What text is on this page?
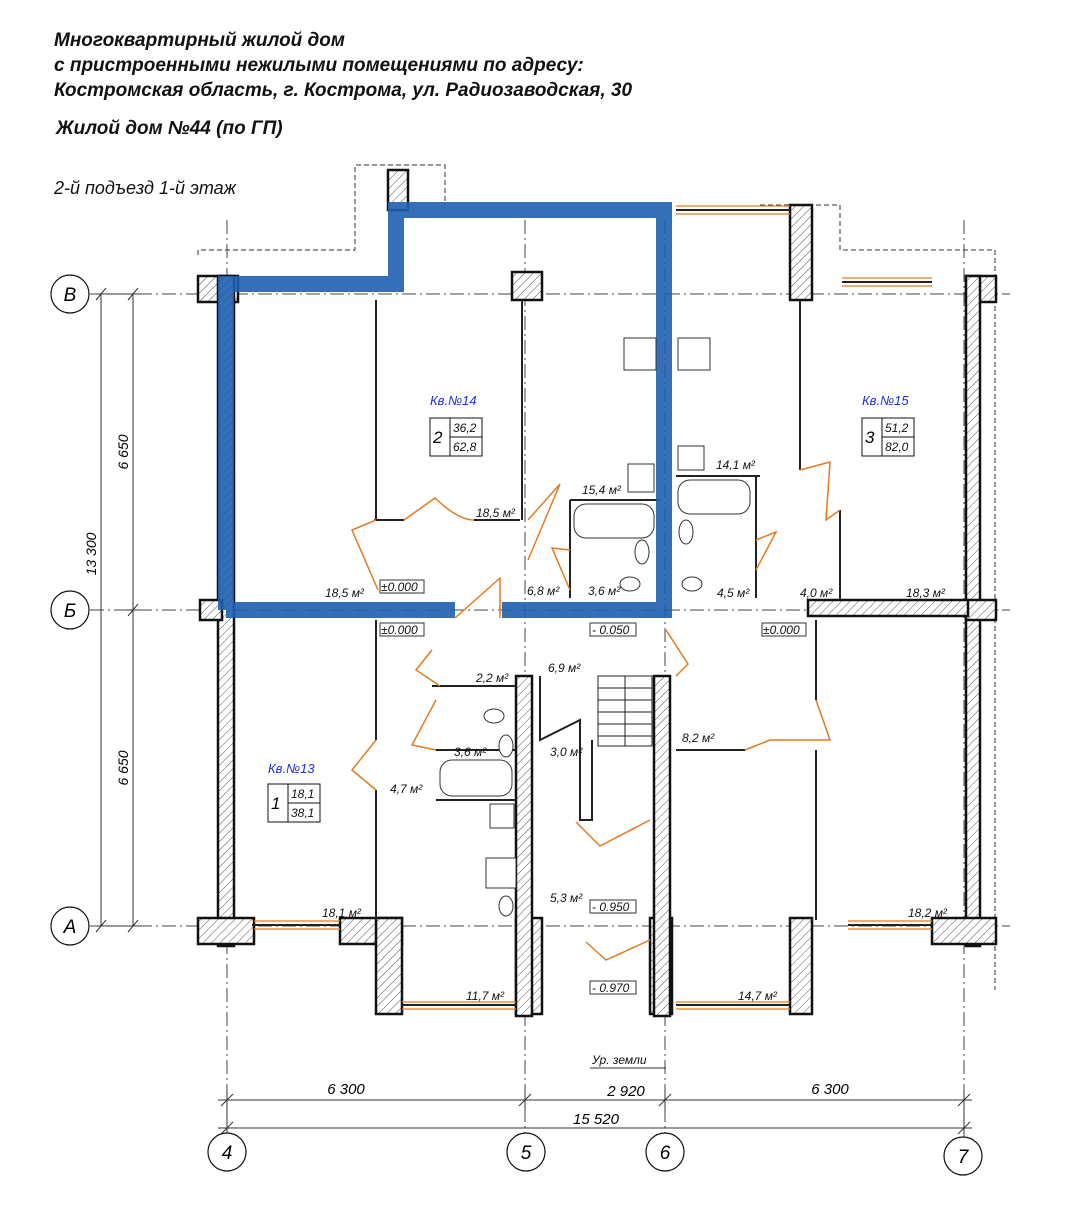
Многоквартирный жилой дом
с пристроенными нежилыми помещениями по адресу:
Костромская область, г. Кострома, ул. Радиозаводская, 30
Жилой дом №44 (по ГП)
2-й подъезд 1-й этаж
Кв.№14
2 36,2
62,8
Кв.№15
3 51,2
82,0
Кв.№13
1 18,1
38,1
18,5 м²
15,4 м²
14,1 м²
18,5 м²	6,8 м² 3,6 м²	4,5 м²	4,0 м²	18,3 м²
2,2 м²
6,9 м²
3,6 м²	3,0 м²
4,7 м²
8,2 м²
5,3 м²
18,1 м²	18,2 м²
11,7 м²	14,7 м²
±0.000
±0.000	- 0.050	±0.000
- 0.950
- 0.970
Ур. земли
6 650
6 650
13 300
6 300	2 920	6 300
15 520
В
Б
А
4	5	6	7
